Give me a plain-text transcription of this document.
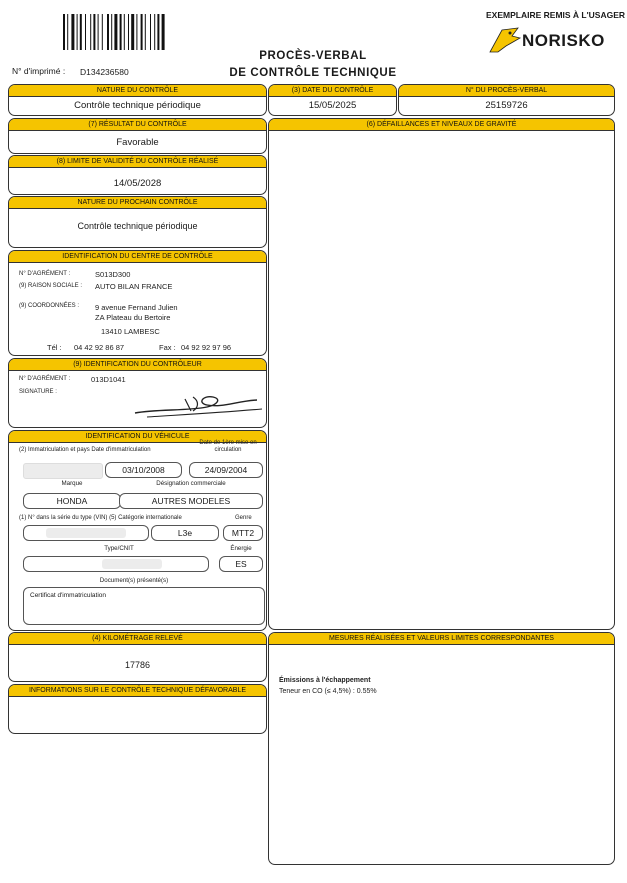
EXEMPLAIRE REMIS À L'USAGER
NORISKO
PROCÈS-VERBAL
DE CONTRÔLE TECHNIQUE
N° d'imprimé : D134236580
NATURE DU CONTRÔLE
Contrôle technique périodique
(3) DATE DU CONTRÔLE
15/05/2025
N° DU PROCÈS-VERBAL
25159726
(7) RÉSULTAT DU CONTRÔLE
Favorable
(6) DÉFAILLANCES ET NIVEAUX DE GRAVITÉ
(8) LIMITE DE VALIDITÉ DU CONTRÔLE RÉALISÉ
14/05/2028
NATURE DU PROCHAIN CONTRÔLE
Contrôle technique périodique
IDENTIFICATION DU CENTRE DE CONTRÔLE
N° D'AGRÉMENT :	S013D300
(9) RAISON SOCIALE : AUTO BILAN FRANCE
(9) COORDONNÉES : 9 avenue Fernand Julien
ZA Plateau du Bertoire
13410 LAMBESC
Tél : 04 42 92 86 87	Fax : 04 92 92 97 96
(9) IDENTIFICATION DU CONTRÔLEUR
N° D'AGRÉMENT :	013D1041
SIGNATURE :
IDENTIFICATION DU VÉHICULE
(2) Immatriculation et pays Date d'immatriculation
Date de 1ère mise en circulation
03/10/2008	24/09/2004
Marque	Désignation commerciale
HONDA	AUTRES MODELES
(1) N° dans la série du type (VIN) (5) Catégorie internationale	Genre
L3e	MTT2
Type/CNIT	Énergie
ES
Document(s) présenté(s)
Certificat d'immatriculation
(4) KILOMÉTRAGE RELEVÉ
17786
INFORMATIONS SUR LE CONTRÔLE TECHNIQUE DÉFAVORABLE
MESURES RÉALISÉES ET VALEURS LIMITES CORRESPONDANTES
Émissions à l'échappement
Teneur en CO (≤ 4,5%) : 0.55%
